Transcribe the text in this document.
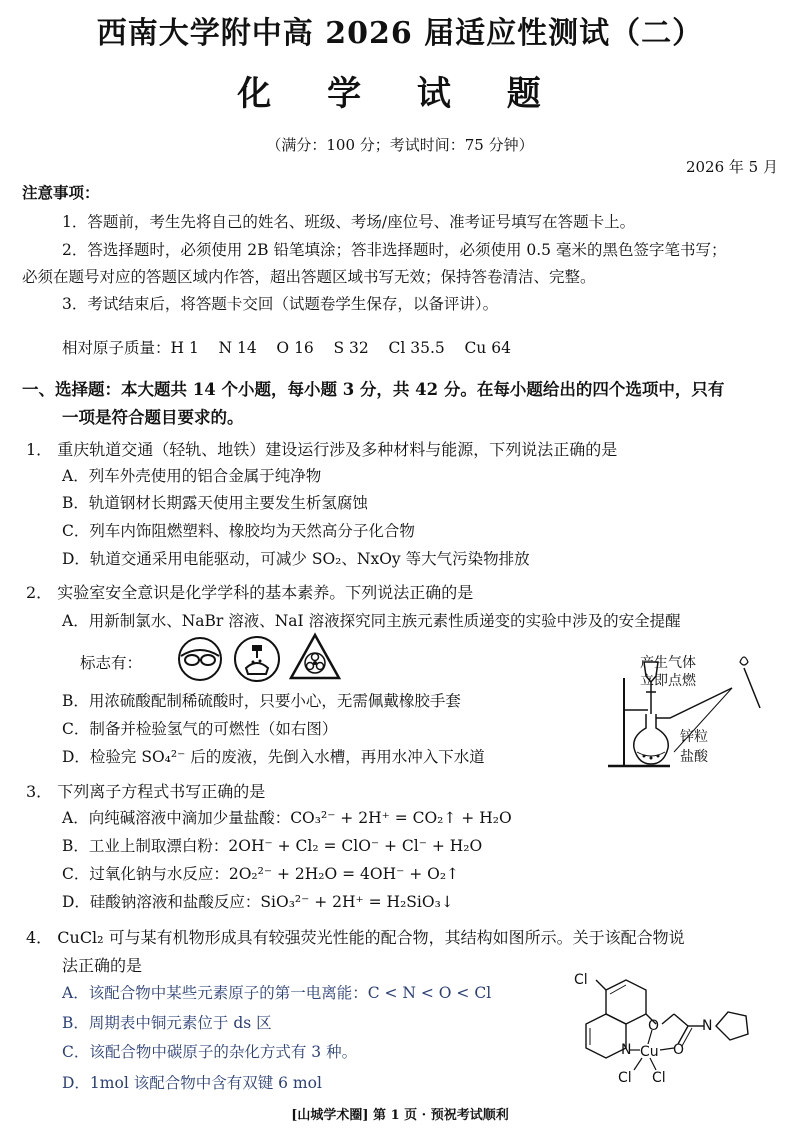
西南大学附中高 2026 届适应性测试（二）
化 学 试 题
（满分：100 分；考试时间：75 分钟）
2026 年 5 月
注意事项：
1．答题前，考生先将自己的姓名、班级、考场/座位号、准考证号填写在答题卡上。
2．答选择题时，必须使用 2B 铅笔填涂；答非选择题时，必须使用 0.5 毫米的黑色签字笔书写；
必须在题号对应的答题区域内作答，超出答题区域书写无效；保持答卷清洁、完整。
3．考试结束后，将答题卡交回（试题卷学生保存，以备评讲）。
相对原子质量：H 1    N 14    O 16    S 32    Cl 35.5    Cu 64
一、选择题：本大题共 14 个小题，每小题 3 分，共 42 分。在每小题给出的四个选项中，只有
一项是符合题目要求的。
1． 重庆轨道交通（轻轨、地铁）建设运行涉及多种材料与能源，下列说法正确的是
A．列车外壳使用的铝合金属于纯净物
B．轨道钢材长期露天使用主要发生析氢腐蚀
C．列车内饰阻燃塑料、橡胶均为天然高分子化合物
D．轨道交通采用电能驱动，可减少 SO₂、NxOy 等大气污染物排放
2． 实验室安全意识是化学学科的基本素养。下列说法正确的是
A．用新制氯水、NaBr 溶液、NaI 溶液探究同主族元素性质递变的实验中涉及的安全提醒
标志有：
B．用浓硫酸配制稀硫酸时，只要小心，无需佩戴橡胶手套
C．制备并检验氢气的可燃性（如右图）
D．检验完 SO₄²⁻ 后的废液，先倒入水槽，再用水冲入下水道
产生气体
立即点燃
锌粒
盐酸
3． 下列离子方程式书写正确的是
A．向纯碱溶液中滴加少量盐酸：CO₃²⁻ + 2H⁺ = CO₂↑ + H₂O
B．工业上制取漂白粉：2OH⁻ + Cl₂ = ClO⁻ + Cl⁻ + H₂O
C．过氧化钠与水反应：2O₂²⁻ + 2H₂O = 4OH⁻ + O₂↑
D．硅酸钠溶液和盐酸反应：SiO₃²⁻ + 2H⁺ = H₂SiO₃↓
4． CuCl₂ 可与某有机物形成具有较强荧光性能的配合物，其结构如图所示。关于该配合物说
法正确的是
A．该配合物中某些元素原子的第一电离能：C < N < O < Cl
B．周期表中铜元素位于 ds 区
C．该配合物中碳原子的杂化方式有 3 种。
D．1mol 该配合物中含有双键 6 mol
Cl
O
O
N
N
Cu
Cl Cl
[山城学术圈] 第 1 页 · 预祝考试顺利
